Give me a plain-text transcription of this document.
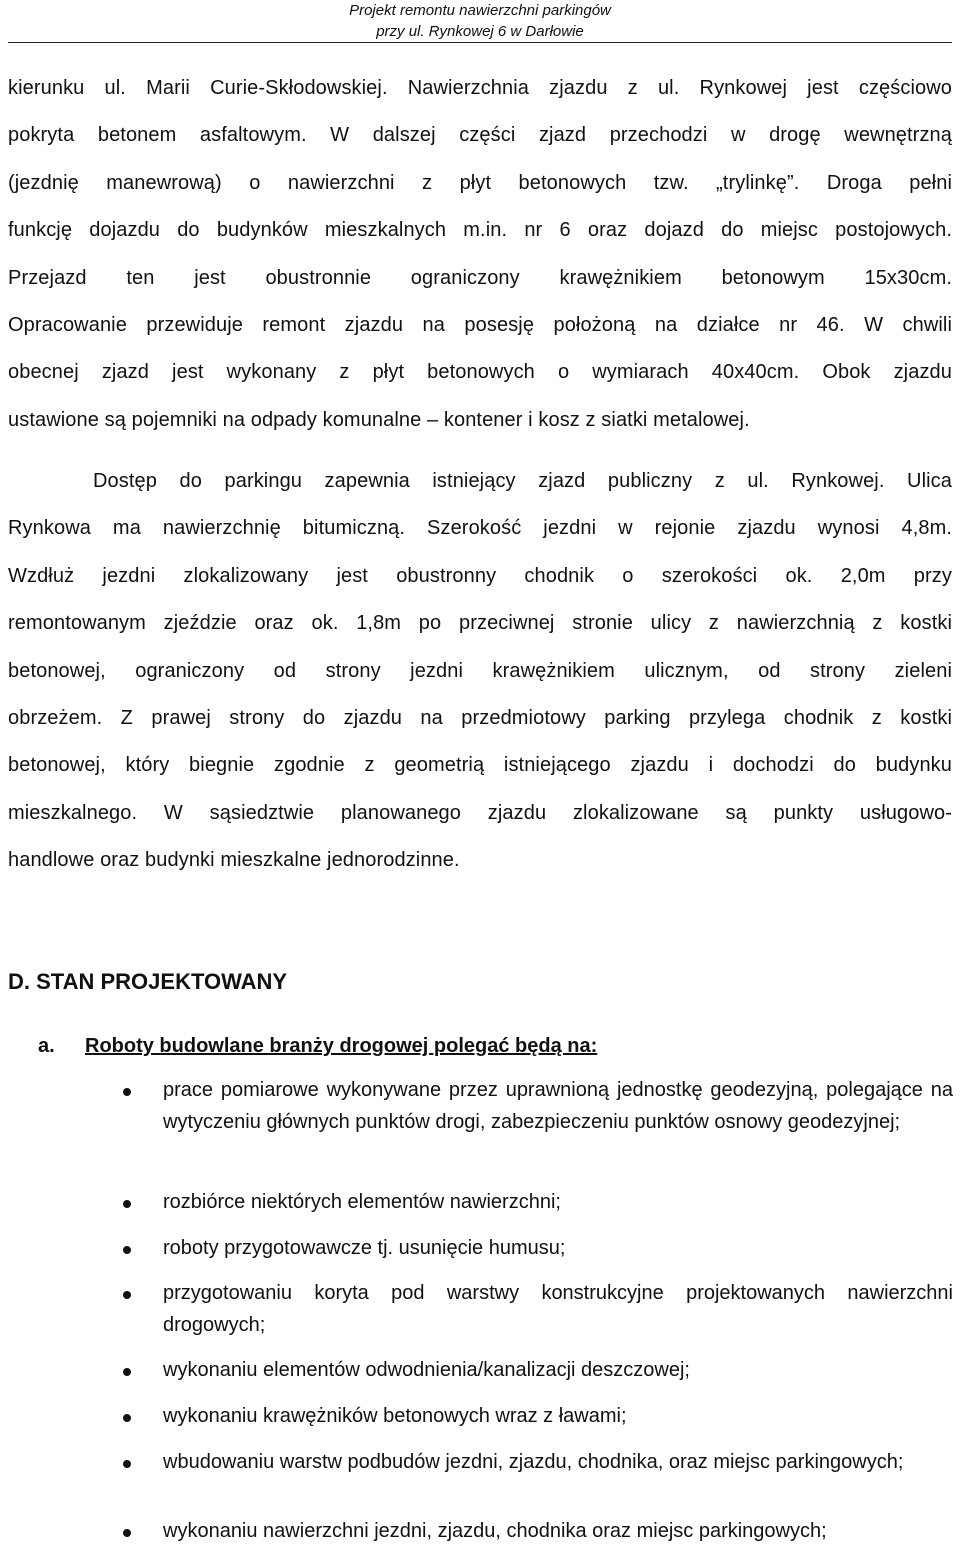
Projekt remontu nawierzchni parkingów
przy ul. Rynkowej 6 w Darłowie
kierunku ul. Marii Curie-Skłodowskiej. Nawierzchnia zjazdu z ul. Rynkowej jest częściowo
pokryta betonem asfaltowym. W dalszej części zjazd przechodzi w drogę wewnętrzną
(jezdnię manewrową) o nawierzchni z płyt betonowych tzw. „trylinkę”. Droga pełni
funkcję dojazdu do budynków mieszkalnych m.in. nr 6 oraz dojazd do miejsc postojowych.
Przejazd ten jest obustronnie ograniczony krawężnikiem betonowym 15x30cm.
Opracowanie przewiduje remont zjazdu na posesję położoną na działce nr 46. W chwili
obecnej zjazd jest wykonany z płyt betonowych o wymiarach 40x40cm. Obok zjazdu
ustawione są pojemniki na odpady komunalne – kontener i kosz z siatki metalowej.
Dostęp do parkingu zapewnia istniejący zjazd publiczny z ul. Rynkowej. Ulica
Rynkowa ma nawierzchnię bitumiczną. Szerokość jezdni w rejonie zjazdu wynosi 4,8m.
Wzdłuż jezdni zlokalizowany jest obustronny chodnik o szerokości ok. 2,0m przy
remontowanym zjeździe oraz ok. 1,8m po przeciwnej stronie ulicy z nawierzchnią z kostki
betonowej, ograniczony od strony jezdni krawężnikiem ulicznym, od strony zieleni
obrzeżem. Z prawej strony do zjazdu na przedmiotowy parking przylega chodnik z kostki
betonowej, który biegnie zgodnie z geometrią istniejącego zjazdu i dochodzi do budynku
mieszkalnego. W sąsiedztwie planowanego zjazdu zlokalizowane są punkty usługowo-
handlowe oraz budynki mieszkalne jednorodzinne.
D. STAN PROJEKTOWANY
a.	Roboty budowlane branży drogowej polegać będą na:
prace pomiarowe wykonywane przez uprawnioną jednostkę geodezyjną, polegające na wytyczeniu głównych punktów drogi, zabezpieczeniu punktów osnowy geodezyjnej;
rozbiórce niektórych elementów nawierzchni;
roboty przygotowawcze tj. usunięcie humusu;
przygotowaniu koryta pod warstwy konstrukcyjne projektowanych nawierzchni drogowych;
wykonaniu elementów odwodnienia/kanalizacji deszczowej;
wykonaniu krawężników betonowych wraz z ławami;
wbudowaniu warstw podbudów jezdni, zjazdu, chodnika, oraz miejsc parkingowych;
wykonaniu nawierzchni jezdni, zjazdu, chodnika oraz miejsc parkingowych;
